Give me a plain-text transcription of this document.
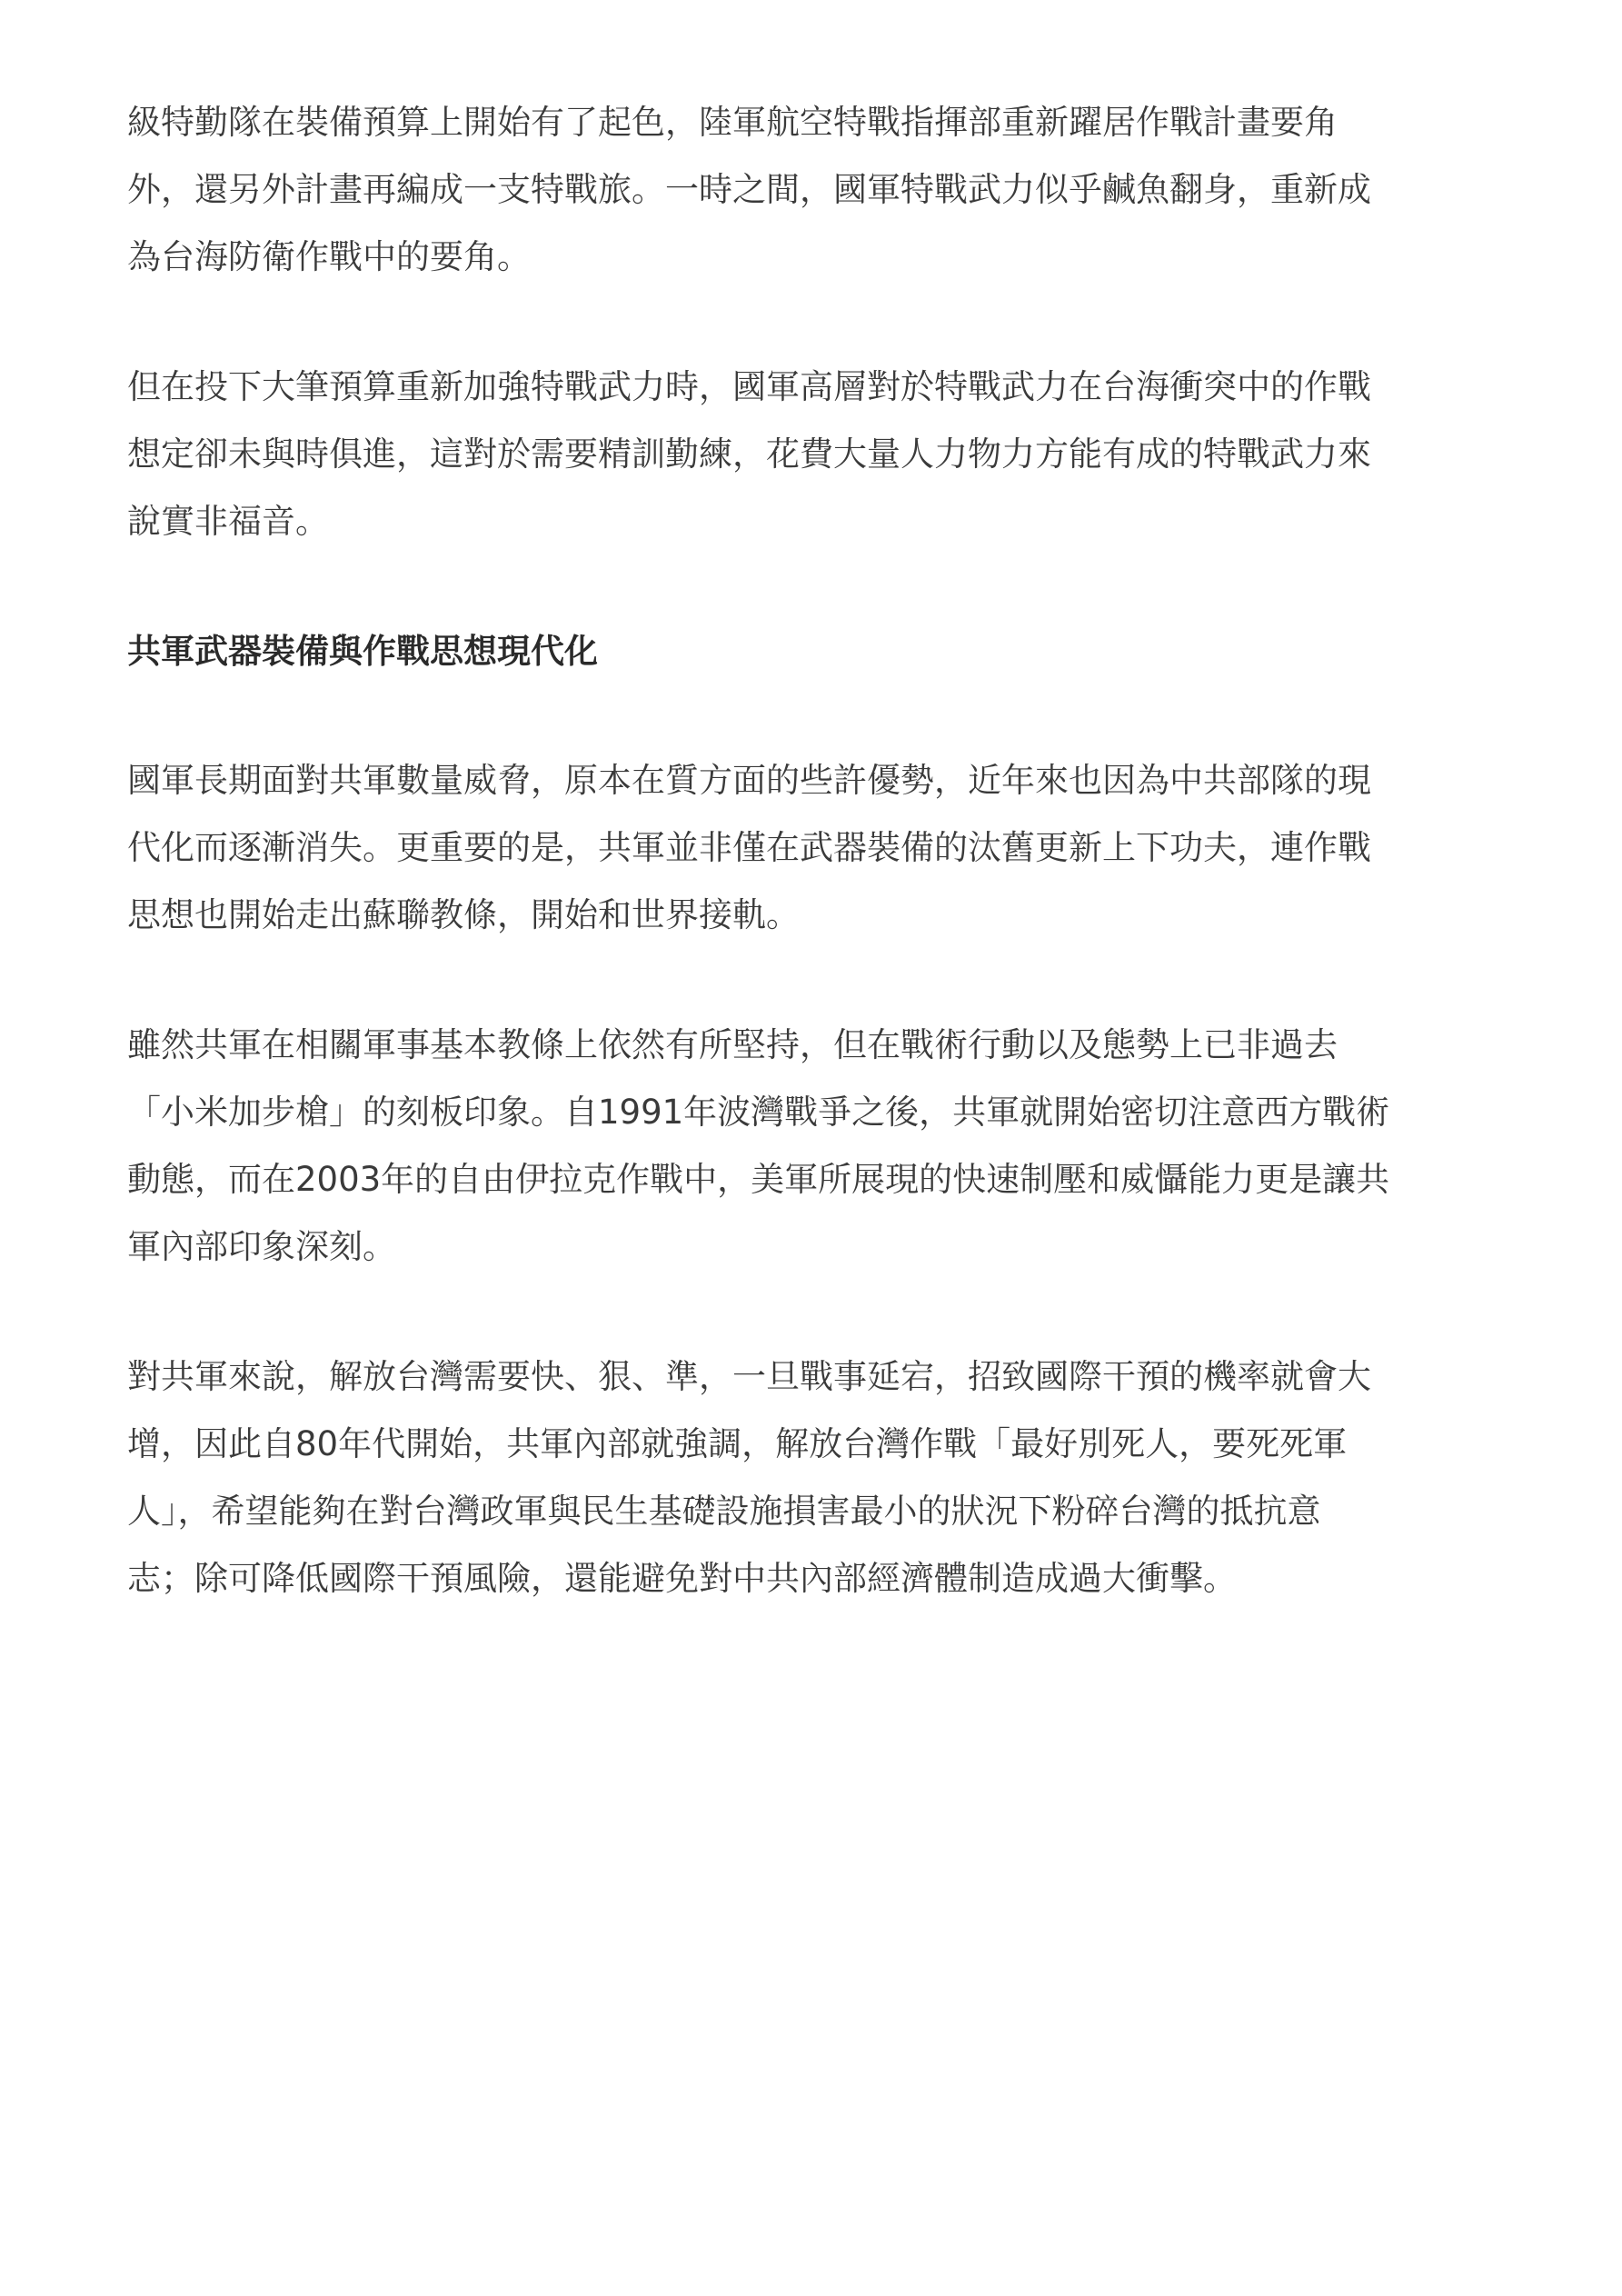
級特勤隊在裝備預算上開始有了起色，陸軍航空特戰指揮部重新躍居作戰計畫要角
外，還另外計畫再編成一支特戰旅。一時之間，國軍特戰武力似乎鹹魚翻身，重新成
為台海防衛作戰中的要角。
但在投下大筆預算重新加強特戰武力時，國軍高層對於特戰武力在台海衝突中的作戰
想定卻未與時俱進，這對於需要精訓勤練，花費大量人力物力方能有成的特戰武力來
說實非福音。
共軍武器裝備與作戰思想現代化
國軍長期面對共軍數量威脅，原本在質方面的些許優勢，近年來也因為中共部隊的現
代化而逐漸消失。更重要的是，共軍並非僅在武器裝備的汰舊更新上下功夫，連作戰
思想也開始走出蘇聯教條，開始和世界接軌。
雖然共軍在相關軍事基本教條上依然有所堅持，但在戰術行動以及態勢上已非過去
「小米加步槍」的刻板印象。自1991年波灣戰爭之後，共軍就開始密切注意西方戰術
動態，而在2003年的自由伊拉克作戰中，美軍所展現的快速制壓和威懾能力更是讓共
軍內部印象深刻。
對共軍來說，解放台灣需要快、狠、準，一旦戰事延宕，招致國際干預的機率就會大
增，因此自80年代開始，共軍內部就強調，解放台灣作戰「最好別死人，要死死軍
人」，希望能夠在對台灣政軍與民生基礎設施損害最小的狀況下粉碎台灣的抵抗意
志；除可降低國際干預風險，還能避免對中共內部經濟體制造成過大衝擊。
